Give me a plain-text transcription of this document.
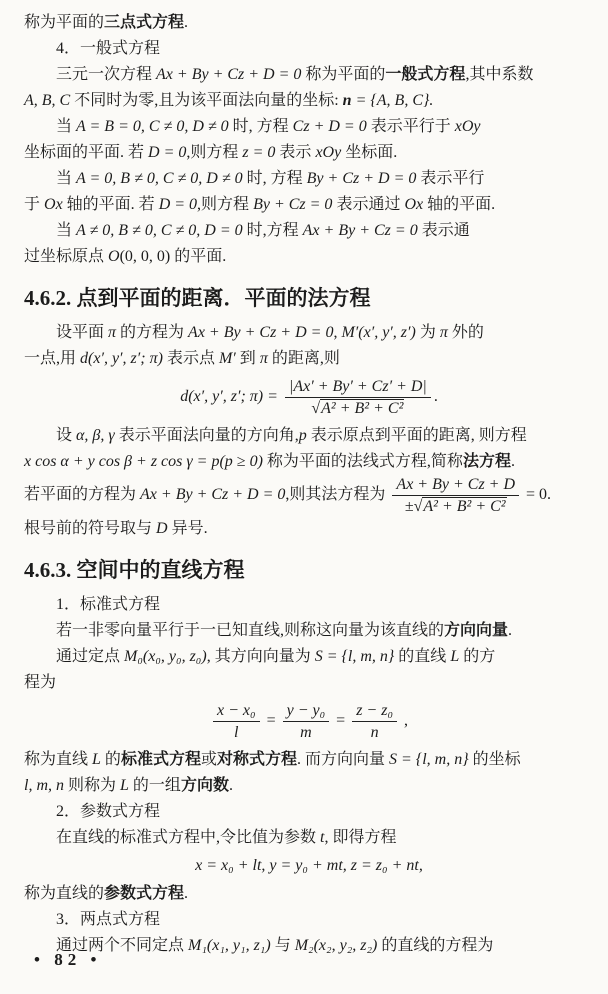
称为平面的三点式方程.
4．一般式方程
三元一次方程 Ax + By + Cz + D = 0 称为平面的一般式方程,其中系数
A, B, C 不同时为零,且为该平面法向量的坐标: n = {A, B, C}.
当 A = B = 0, C ≠ 0, D ≠ 0 时, 方程 Cz + D = 0 表示平行于 xOy
坐标面的平面. 若 D = 0,则方程 z = 0 表示 xOy 坐标面.
当 A = 0, B ≠ 0, C ≠ 0, D ≠ 0 时, 方程 By + Cz + D = 0 表示平行
于 Ox 轴的平面. 若 D = 0,则方程 By + Cz = 0 表示通过 Ox 轴的平面.
当 A ≠ 0, B ≠ 0, C ≠ 0, D = 0 时,方程 Ax + By + Cz = 0 表示通
过坐标原点 O(0, 0, 0) 的平面.
4.6.2. 点到平面的距离．平面的法方程
设平面 π 的方程为 Ax + By + Cz + D = 0, M′(x′, y′, z′) 为 π 外的
一点,用 d(x′, y′, z′; π) 表示点 M′ 到 π 的距离,则
d(x′, y′, z′; $\pi) = \frac{|Ax' + By' + Cz' + D|}{\text{√A² + B² + C²}}$ .
设 α, β, γ 表示平面法向量的方向角,p 表示原点到平面的距离, 则方程
x cos α + y cos β + z cos γ = p(p ≥ 0) 称为平面的法线式方程,简称法方程.
若平面的方程为 Ax + By + Cz + D = 0,则其法方程为 $\frac{Ax + By + Cz + D}{\text{±√A² + B² + C²}} = 0$.
根号前的符号取与 D 异号.
4.6.3. 空间中的直线方程
1．标准式方程
若一非零向量平行于一已知直线,则称这向量为该直线的方向向量.
通过定点 M₀(x₀, y₀, z₀), 其方向向量为 S = {l, m, n} 的直线 L 的方
程为
$\frac{\text{x − x₀}}{l} = \frac{\text{y − y₀}}{m} = \frac{\text{z − z₀}}{n}$ ,
称为直线 L 的标准式方程或对称式方程. 而方向向量 S = {l, m, n} 的坐标
l, m, n 则称为 L 的一组方向数.
2．参数式方程
在直线的标准式方程中,令比值为参数 t, 即得方程
x = x₀ + lt, y = y₀ + mt, z = z₀ + nt,
称为直线的参数式方程.
3．两点式方程
通过两个不同定点 M₁(x₁, y₁, z₁) 与 M₂(x₂, y₂, z₂) 的直线的方程为
• 82 •
